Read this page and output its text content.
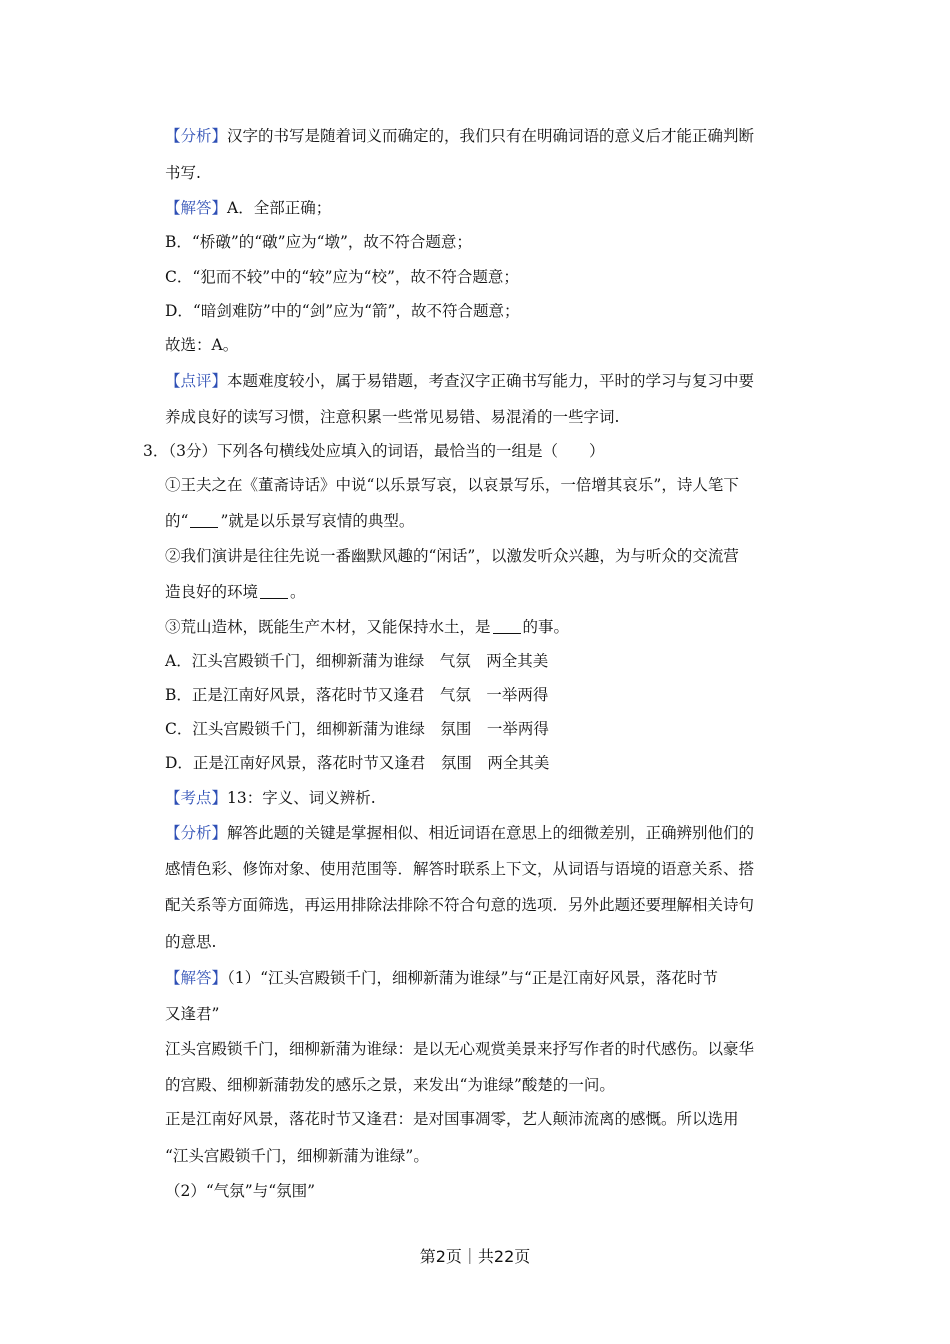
【分析】汉字的书写是随着词义而确定的，我们只有在明确词语的意义后才能正确判断
书写.
【解答】A．全部正确；
B．“桥礅”的“礅”应为“墩”，故不符合题意；
C．“犯而不较”中的“较”应为“校”，故不符合题意；
D．“暗剑难防”中的“剑”应为“箭”，故不符合题意；
故选：A。
【点评】本题难度较小，属于易错题，考查汉字正确书写能力，平时的学习与复习中要
养成良好的读写习惯，注意积累一些常见易错、易混淆的一些字词.
3．（3分）下列各句横线处应填入的词语，最恰当的一组是（　　）
①王夫之在《董斋诗话》中说“以乐景写哀，以哀景写乐，一倍增其哀乐”，诗人笔下
的“ ”就是以乐景写哀情的典型。
②我们演讲是往往先说一番幽默风趣的“闲话”，以激发听众兴趣，为与听众的交流营
造良好的环境 。
③荒山造林，既能生产木材，又能保持水土，是 的事。
A．江头宫殿锁千门，细柳新蒲为谁绿　气氛　两全其美
B．正是江南好风景，落花时节又逢君　气氛　一举两得
C．江头宫殿锁千门，细柳新蒲为谁绿　氛围　一举两得
D．正是江南好风景，落花时节又逢君　氛围　两全其美
【考点】13：字义、词义辨析.
【分析】解答此题的关键是掌握相似、相近词语在意思上的细微差别，正确辨别他们的
感情色彩、修饰对象、使用范围等．解答时联系上下文，从词语与语境的语意关系、搭
配关系等方面筛选，再运用排除法排除不符合句意的选项．另外此题还要理解相关诗句
的意思.
【解答】（1）“江头宫殿锁千门，细柳新蒲为谁绿”与“正是江南好风景，落花时节
又逢君”
江头宫殿锁千门，细柳新蒲为谁绿：是以无心观赏美景来抒写作者的时代感伤。以豪华
的宫殿、细柳新蒲勃发的感乐之景，来发出“为谁绿”酸楚的一问。
正是江南好风景，落花时节又逢君：是对国事凋零，艺人颠沛流离的感慨。所以选用
“江头宫殿锁千门，细柳新蒲为谁绿”。
（2）“气氛”与“氛围”
第2页｜共22页
